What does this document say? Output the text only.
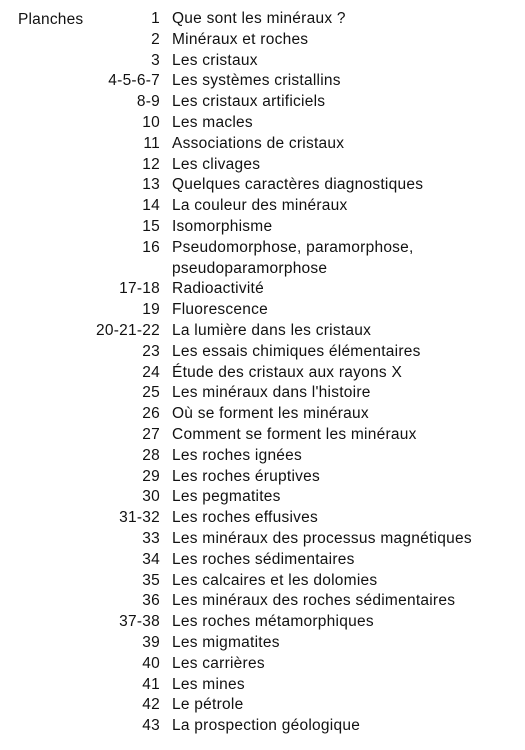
Planches	1 Que sont les minéraux ?
2 Minéraux et roches
3 Les cristaux
4-5-6-7 Les systèmes cristallins
8-9 Les cristaux artificiels
10 Les macles
11 Associations de cristaux
12 Les clivages
13 Quelques caractères diagnostiques
14 La couleur des minéraux
15 Isomorphisme
16 Pseudomorphose, paramorphose,
pseudoparamorphose
17-18 Radioactivité
19 Fluorescence
20-21-22 La lumière dans les cristaux
23 Les essais chimiques élémentaires
24 Étude des cristaux aux rayons X
25 Les minéraux dans l'histoire
26 Où se forment les minéraux
27 Comment se forment les minéraux
28 Les roches ignées
29 Les roches éruptives
30 Les pegmatites
31-32 Les roches effusives
33 Les minéraux des processus magnétiques
34 Les roches sédimentaires
35 Les calcaires et les dolomies
36 Les minéraux des roches sédimentaires
37-38 Les roches métamorphiques
39 Les migmatites
40 Les carrières
41 Les mines
42 Le pétrole
43 La prospection géologique
